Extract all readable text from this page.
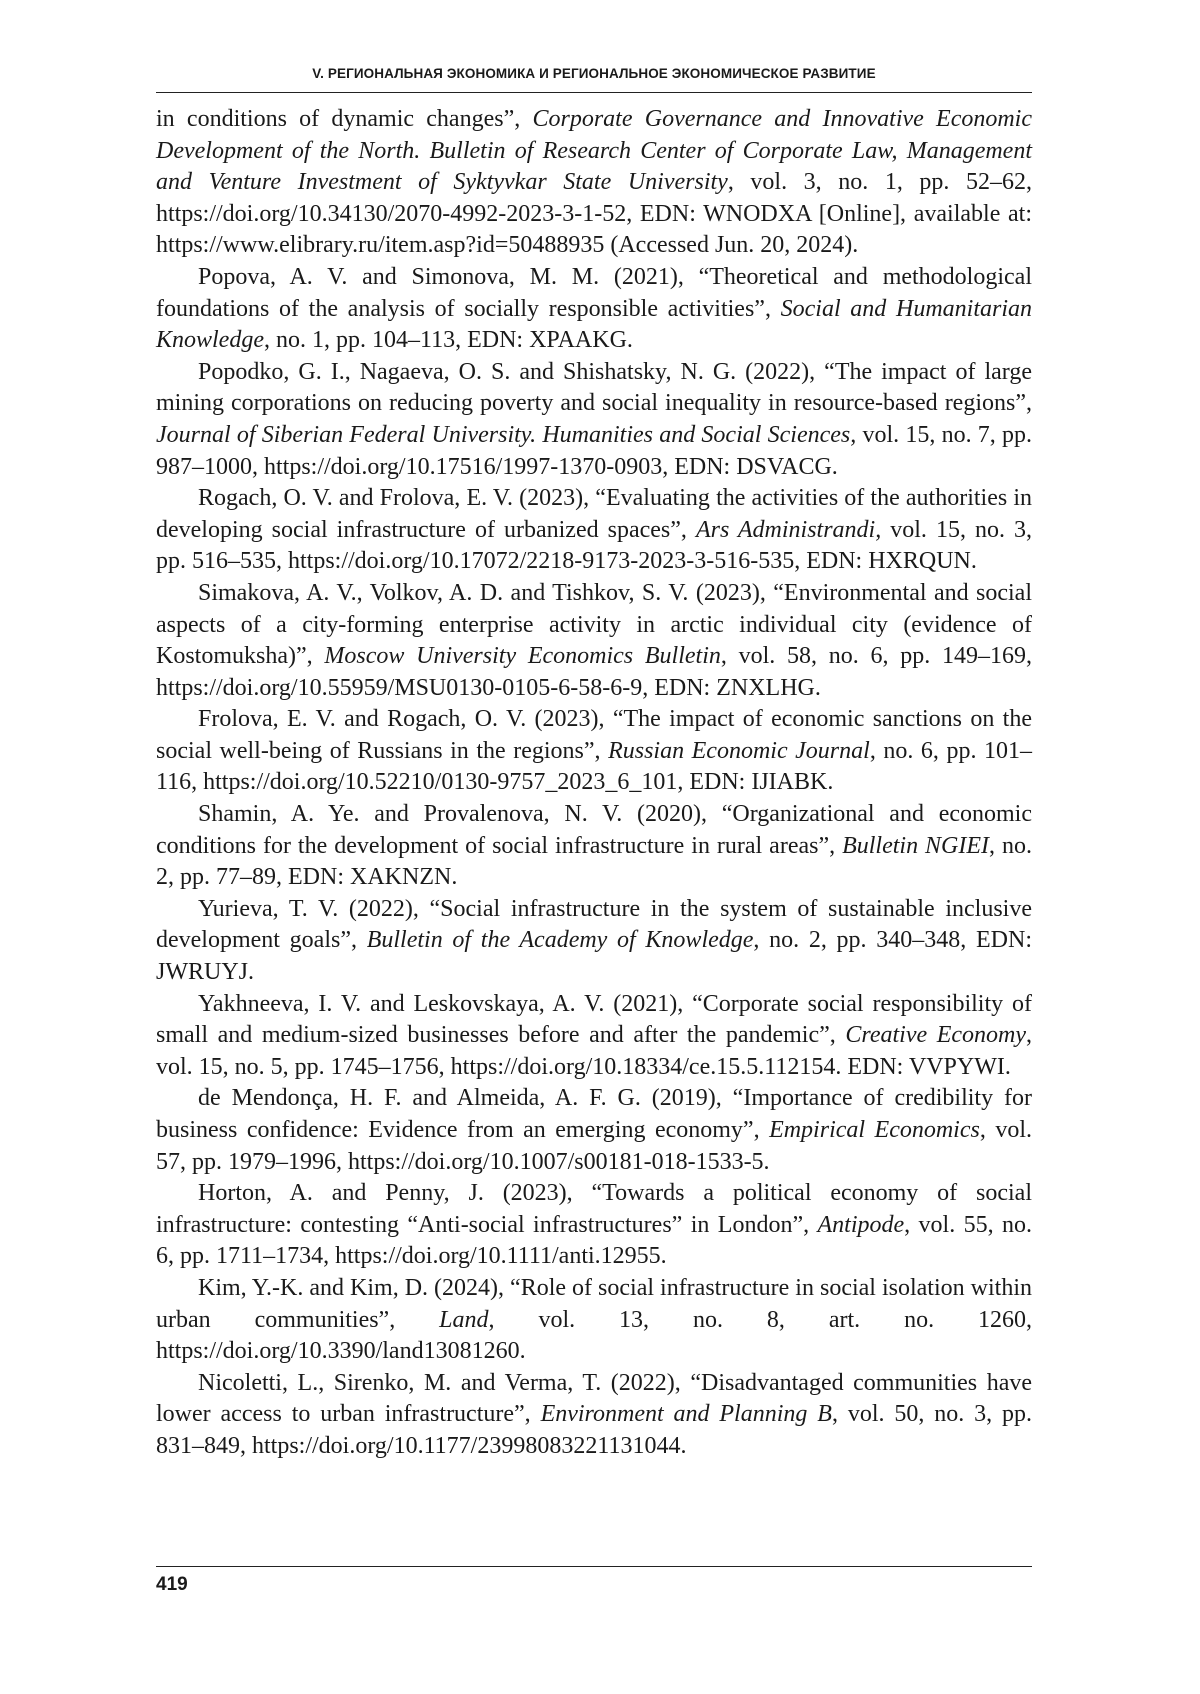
V. РЕГИОНАЛЬНАЯ ЭКОНОМИКА И РЕГИОНАЛЬНОЕ ЭКОНОМИЧЕСКОЕ РАЗВИТИЕ

in conditions of dynamic changes”, Corporate Governance and Innovative Economic Development of the North. Bulletin of Research Center of Corporate Law, Management and Venture Investment of Syktyvkar State University, vol. 3, no. 1, pp. 52–62, https://doi.org/10.34130/2070-4992-2023-3-1-52, EDN: WNODXA [Online], available at: https://www.elibrary.ru/item.asp?id=50488935 (Accessed Jun. 20, 2024).

Popova, A. V. and Simonova, M. M. (2021), “Theoretical and methodological foundations of the analysis of socially responsible activities”, Social and Humanitarian Knowledge, no. 1, pp. 104–113, EDN: XPAAKG.

Popodko, G. I., Nagaeva, O. S. and Shishatsky, N. G. (2022), “The impact of large mining corporations on reducing poverty and social inequality in resource-based regions”, Journal of Siberian Federal University. Humanities and Social Sciences, vol. 15, no. 7, pp. 987–1000, https://doi.org/10.17516/1997-1370-0903, EDN: DSVACG.

Rogach, O. V. and Frolova, E. V. (2023), “Evaluating the activities of the authorities in developing social infrastructure of urbanized spaces”, Ars Administrandi, vol. 15, no. 3, pp. 516–535, https://doi.org/10.17072/2218-9173-2023-3-516-535, EDN: HXRQUN.

Simakova, A. V., Volkov, A. D. and Tishkov, S. V. (2023), “Environmental and social aspects of a city-forming enterprise activity in arctic individual city (evidence of Kostomuksha)”, Moscow University Economics Bulletin, vol. 58, no. 6, pp. 149–169, https://doi.org/10.55959/MSU0130-0105-6-58-6-9, EDN: ZNXLHG.

Frolova, E. V. and Rogach, O. V. (2023), “The impact of economic sanctions on the social well-being of Russians in the regions”, Russian Economic Journal, no. 6, pp. 101–116, https://doi.org/10.52210/0130-9757_2023_6_101, EDN: IJIABK.

Shamin, A. Ye. and Provalenova, N. V. (2020), “Organizational and economic conditions for the development of social infrastructure in rural areas”, Bulletin NGIEI, no. 2, pp. 77–89, EDN: XAKNZN.

Yurieva, T. V. (2022), “Social infrastructure in the system of sustainable inclusive development goals”, Bulletin of the Academy of Knowledge, no. 2, pp. 340–348, EDN: JWRUYJ.

Yakhneeva, I. V. and Leskovskaya, A. V. (2021), “Corporate social responsibility of small and medium-sized businesses before and after the pandemic”, Creative Economy, vol. 15, no. 5, pp. 1745–1756, https://doi.org/10.18334/ce.15.5.112154. EDN: VVPYWI.

de Mendonça, H. F. and Almeida, A. F. G. (2019), “Importance of credibility for business confidence: Evidence from an emerging economy”, Empirical Economics, vol. 57, pp. 1979–1996, https://doi.org/10.1007/s00181-018-1533-5.

Horton, A. and Penny, J. (2023), “Towards a political economy of social infrastructure: contesting “Anti-social infrastructures” in London”, Antipode, vol. 55, no. 6, pp. 1711–1734, https://doi.org/10.1111/anti.12955.

Kim, Y.-K. and Kim, D. (2024), “Role of social infrastructure in social isolation within urban communities”, Land, vol. 13, no. 8, art. no. 1260, https://doi.org/10.3390/land13081260.

Nicoletti, L., Sirenko, M. and Verma, T. (2022), “Disadvantaged communities have lower access to urban infrastructure”, Environment and Planning B, vol. 50, no. 3, pp. 831–849, https://doi.org/10.1177/23998083221131044.

419
